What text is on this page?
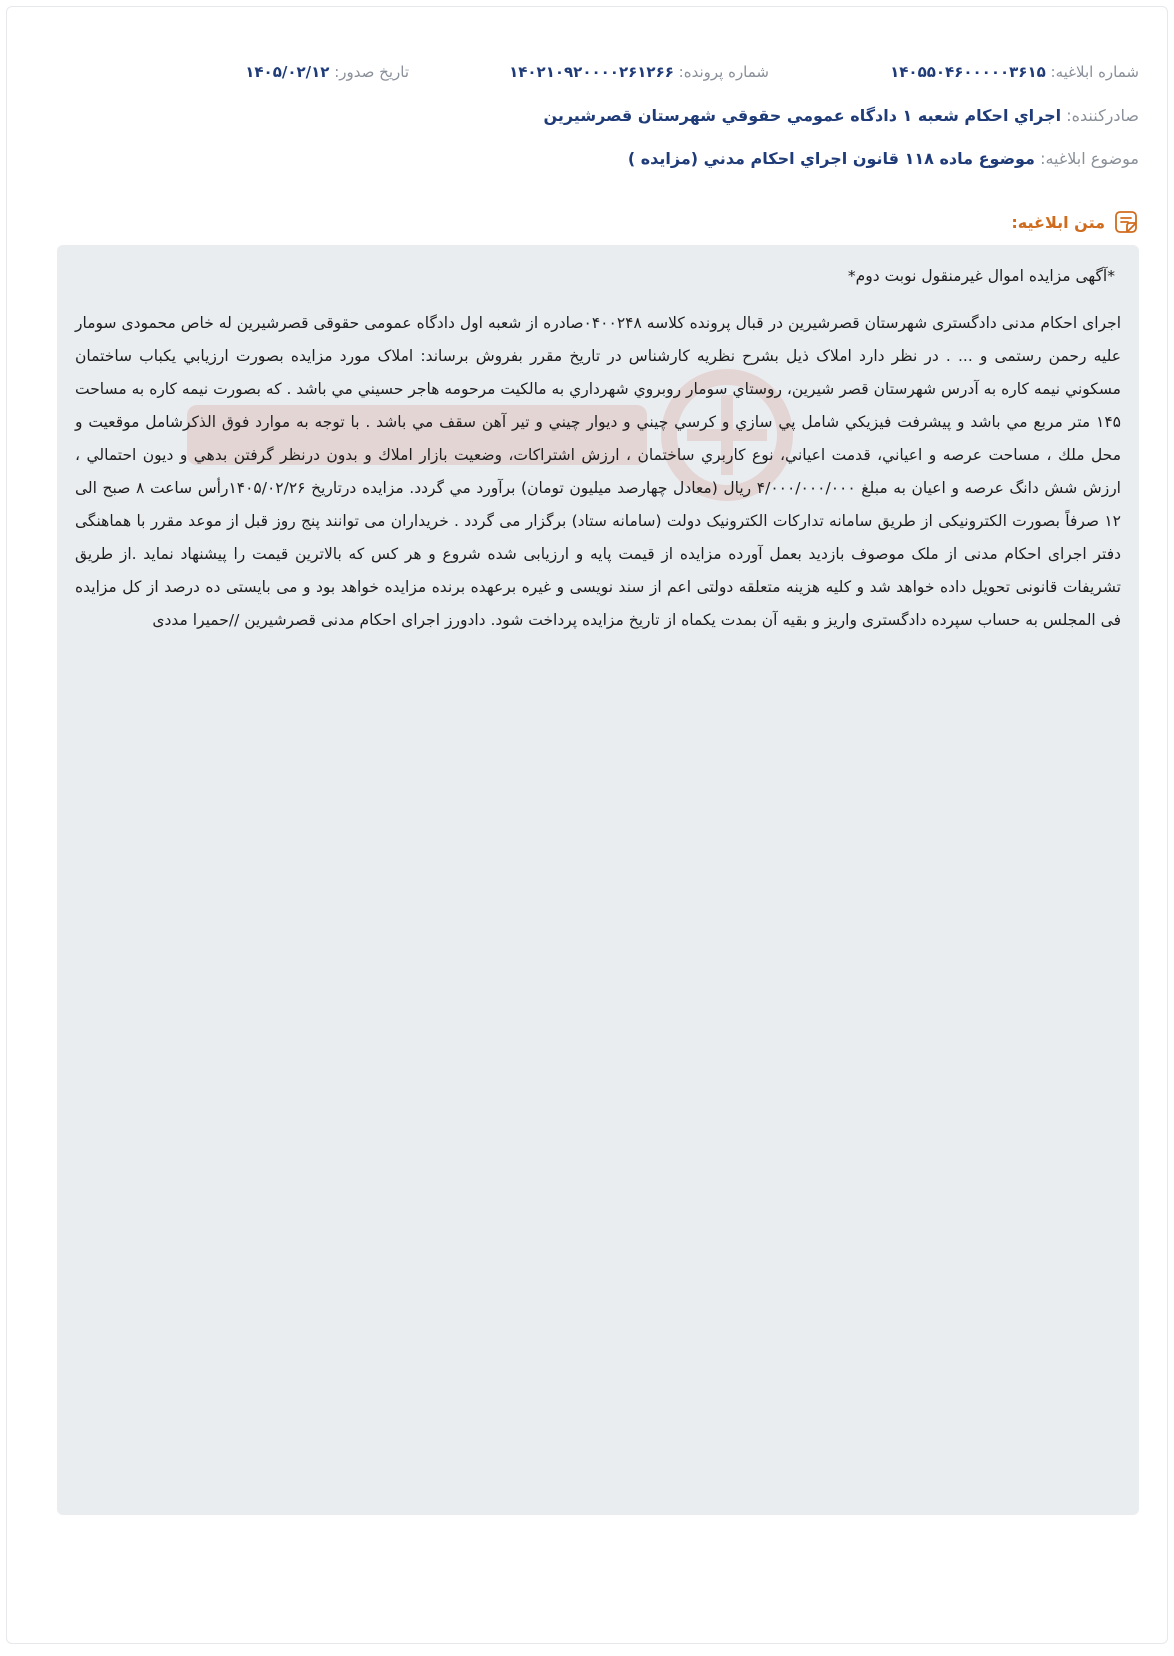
شماره ابلاغیه: ۱۴۰۵۵۰۴۶۰۰۰۰۰۳۶۱۵
شماره پرونده: ۱۴۰۲۱۰۹۲۰۰۰۰۲۶۱۲۶۶
تاریخ صدور: ۱۴۰۵/۰۲/۱۲
صادرکننده: اجراي احکام شعبه ۱ دادگاه عمومي حقوقي شهرستان قصرشيرين
موضوع ابلاغیه: موضوع ماده ۱۱۸ قانون اجراي احکام مدني (مزايده )
متن ابلاغیه:

*آگهی مزایده اموال غیرمنقول نوبت دوم*

اجرای احکام مدنی دادگستری شهرستان قصرشیرین در قبال پرونده کلاسه ۰۴۰۰۲۴۸صادره از شعبه اول دادگاه عمومی حقوقی قصرشیرین له خاص محمودی سومار علیه رحمن رستمی و ... . در نظر دارد املاک ذیل بشرح نظریه کارشناس در تاریخ مقرر بفروش برساند: املاک مورد مزایده بصورت ارزيابي يکباب ساختمان مسکوني نيمه کاره به آدرس شهرستان قصر شيرين، روستاي سومار روبروي شهرداري به مالکيت مرحومه هاجر حسيني مي باشد . که بصورت نيمه کاره به مساحت ۱۴۵ متر مربع مي باشد و پيشرفت فيزيکي شامل پي سازي و کرسي چيني و ديوار چيني و تير آهن سقف مي باشد . با توجه به موارد فوق الذکرشامل موقعيت و محل ملك ، مساحت عرصه و اعياني، قدمت اعياني، نوع کاربري ساختمان ، ارزش اشتراکات، وضعيت بازار املاك و بدون درنظر گرفتن بدهي و ديون احتمالي ، ارزش شش دانگ عرصه و اعيان به مبلغ ۴/۰۰۰/۰۰۰/۰۰۰ ريال (معادل چهارصد ميليون تومان) برآورد مي گردد. مزایده درتاریخ ۱۴۰۵/۰۲/۲۶رأس ساعت ۸ صبح الی ۱۲ صرفاً بصورت الکترونیکی از طریق سامانه تدارکات الکترونیک دولت (سامانه ستاد) برگزار می گردد . خریداران می توانند پنج روز قبل از موعد مقرر با هماهنگی دفتر اجرای احکام مدنی از ملک موصوف بازدید بعمل آورده مزایده از قیمت پایه و ارزیابی شده شروع و هر کس که بالاترین قیمت را پیشنهاد نماید .از طریق تشریفات قانونی تحویل داده خواهد شد و کلیه هزینه متعلقه دولتی اعم از سند نویسی و غیره برعهده برنده مزایده خواهد بود و می بایستی ده درصد از کل مزایده فی المجلس به حساب سپرده دادگستری واریز و بقیه آن بمدت یکماه از تاریخ مزایده پرداخت شود. دادورز اجرای احکام مدنی قصرشیرین //حمیرا مددی
